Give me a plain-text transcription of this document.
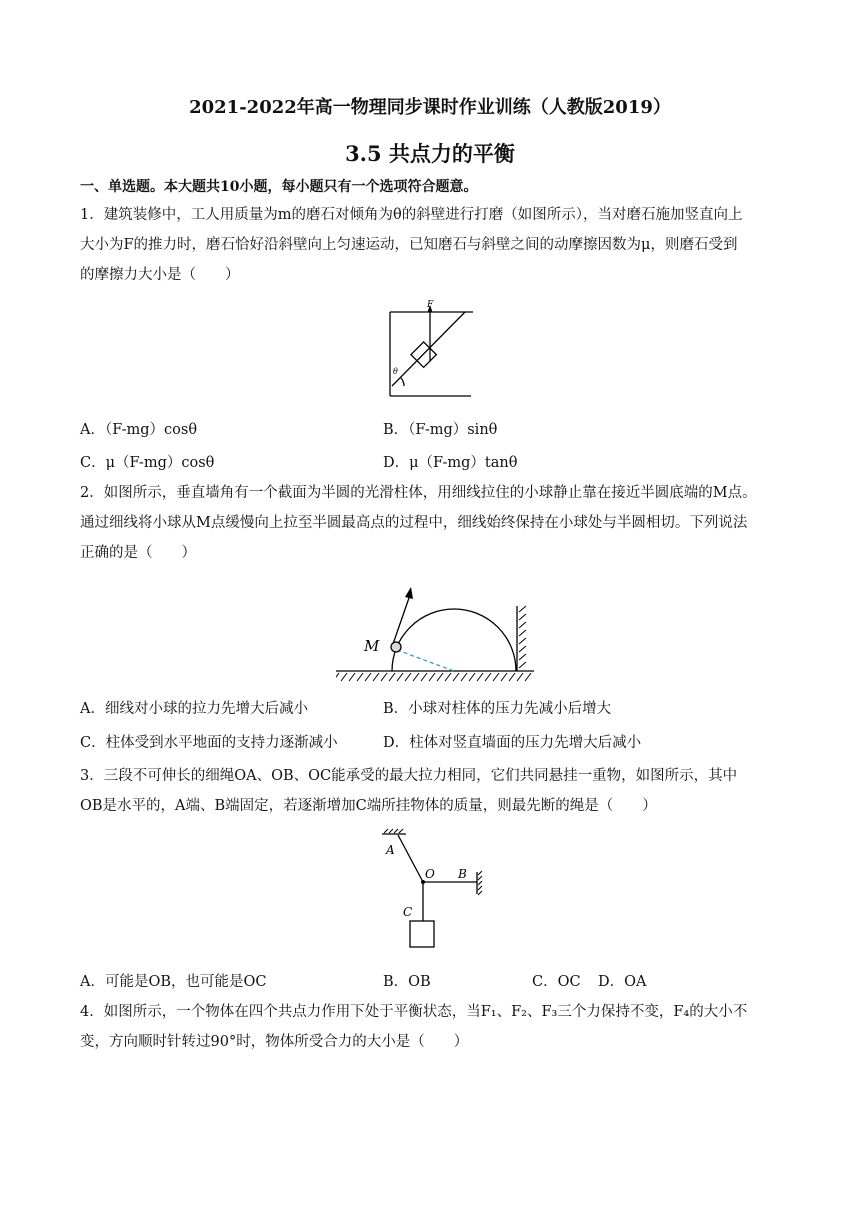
2021-2022年高一物理同步课时作业训练（人教版2019）
3.5 共点力的平衡
一、单选题。本大题共10小题，每小题只有一个选项符合题意。
1．建筑装修中，工人用质量为m的磨石对倾角为θ的斜壁进行打磨（如图所示），当对磨石施加竖直向上
大小为F的推力时，磨石恰好沿斜壁向上匀速运动，已知磨石与斜壁之间的动摩擦因数为μ，则磨石受到
的摩擦力大小是（　　）
F
θ
A．（F-mg）cosθ	B．（F-mg）sinθ
C．μ（F-mg）cosθ	D．μ（F-mg）tanθ
2．如图所示，垂直墙角有一个截面为半圆的光滑柱体，用细线拉住的小球静止靠在接近半圆底端的M点。
通过细线将小球从M点缓慢向上拉至半圆最高点的过程中，细线始终保持在小球处与半圆相切。下列说法
正确的是（　　）
M
A．细线对小球的拉力先增大后减小	B．小球对柱体的压力先减小后增大
C．柱体受到水平地面的支持力逐渐减小	D．柱体对竖直墙面的压力先增大后减小
3．三段不可伸长的细绳OA、OB、OC能承受的最大拉力相同，它们共同悬挂一重物，如图所示，其中
OB是水平的，A端、B端固定，若逐渐增加C端所挂物体的质量，则最先断的绳是（　　）
A
O B
C
A．可能是OB，也可能是OC	B．OB	C．OC D．OA
4．如图所示，一个物体在四个共点力作用下处于平衡状态，当F₁、F₂、F₃三个力保持不变，F₄的大小不
变，方向顺时针转过90°时，物体所受合力的大小是（　　）
